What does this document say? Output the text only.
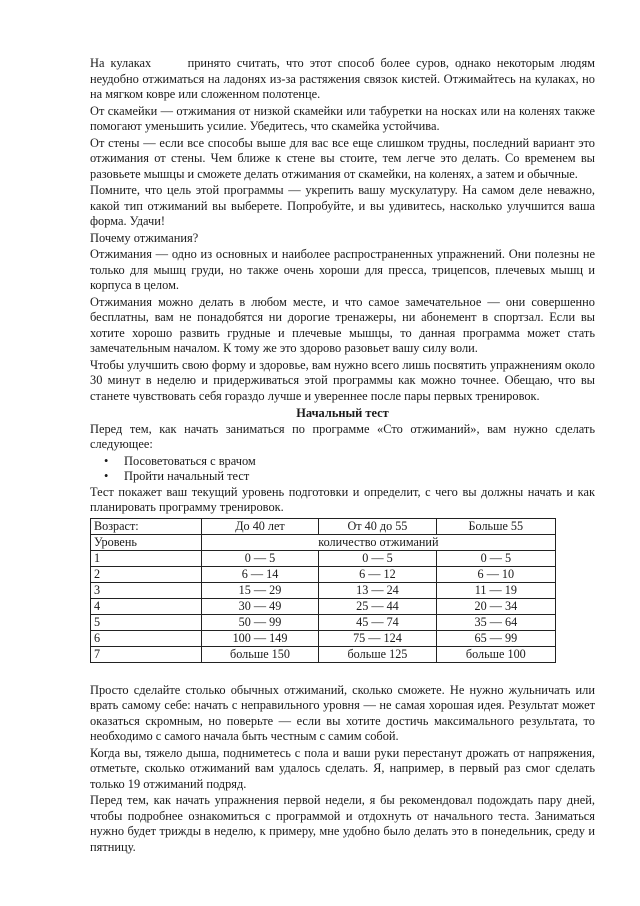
На кулаках      принято считать, что этот способ более суров, однако некоторым людям неудобно отжиматься на ладонях из-за растяжения связок кистей. Отжимайтесь на кулаках, но на мягком ковре или сложенном полотенце.

От скамейки — отжимания от низкой скамейки или табуретки на носках или на коленях также помогают уменьшить усилие. Убедитесь, что скамейка устойчива.

От стены — если все способы выше для вас все еще слишком трудны, последний вариант это отжимания от стены. Чем ближе к стене вы стоите, тем легче это делать. Со временем вы разовьете мышцы и сможете делать отжимания от скамейки, на коленях, а затем и обычные.

Помните, что цель этой программы — укрепить вашу мускулатуру. На самом деле неважно, какой тип отжиманий вы выберете. Попробуйте, и вы удивитесь, насколько улучшится ваша форма. Удачи!

Почему отжимания?

Отжимания — одно из основных и наиболее распространенных упражнений. Они полезны не только для мышц груди, но также очень хороши для пресса, трицепсов, плечевых мышц и корпуса в целом.

Отжимания можно делать в любом месте, и что самое замечательное — они совершенно бесплатны, вам не понадобятся ни дорогие тренажеры, ни абонемент в спортзал. Если вы хотите хорошо развить грудные и плечевые мышцы, то данная программа может стать замечательным началом. К тому же это здорово разовьет вашу силу воли.

Чтобы улучшить свою форму и здоровье, вам нужно всего лишь посвятить упражнениям около 30 минут в неделю и придерживаться этой программы как можно точнее. Обещаю, что вы станете чувствовать себя гораздо лучше и увереннее после пары первых тренировок.

Начальный тест

Перед тем, как начать заниматься по программе «Сто отжиманий», вам нужно сделать следующее:

• Посоветоваться с врачом
• Пройти начальный тест

Тест покажет ваш текущий уровень подготовки и определит, с чего вы должны начать и как планировать программу тренировок.

Возраст:	До 40 лет	От 40 до 55	Больше 55
Уровень	количество отжиманий		
1	0 — 5	0 — 5	0 — 5
2	6 — 14	6 — 12	6 — 10
3	15 — 29	13 — 24	11 — 19
4	30 — 49	25 — 44	20 — 34
5	50 — 99	45 — 74	35 — 64
6	100 — 149	75 — 124	65 — 99
7	больше 150	больше 125	больше 100

Просто сделайте столько обычных отжиманий, сколько сможете. Не нужно жульничать или врать самому себе: начать с неправильного уровня — не самая хорошая идея. Результат может оказаться скромным, но поверьте — если вы хотите достичь максимального результата, то необходимо с самого начала быть честным с самим собой.

Когда вы, тяжело дыша, подниметесь с пола и ваши руки перестанут дрожать от напряжения, отметьте, сколько отжиманий вам удалось сделать. Я, например, в первый раз смог сделать только 19 отжиманий подряд.

Перед тем, как начать упражнения первой недели, я бы рекомендовал подождать пару дней, чтобы подробнее ознакомиться с программой и отдохнуть от начального теста. Заниматься нужно будет трижды в неделю, к примеру, мне удобно было делать это в понедельник, среду и пятницу.
